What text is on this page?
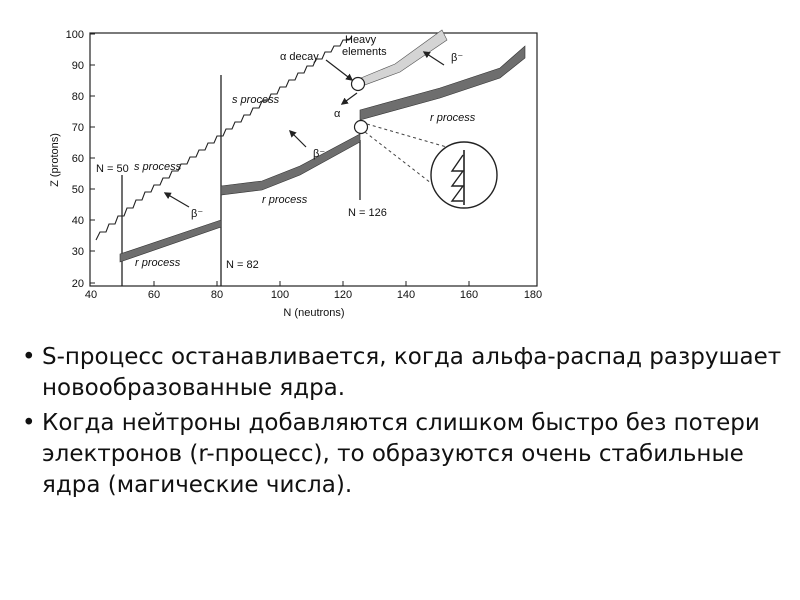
20
30
40
50
60
70
80
90
100
Z (protons)
40	60	80	100	120	140	160	180
N (neutrons)
Heavy
elements
α decay
α
β⁻
β⁻
β⁻
s process
s process
r process
r process
r process
N = 50
N = 82
N = 126
• S-процесс останавливается, когда альфа-распад разрушает новообразованные ядра.
• Когда нейтроны добавляются слишком быстро без потери электронов (r-процесс), то образуются очень стабильные ядра (магические числа).
